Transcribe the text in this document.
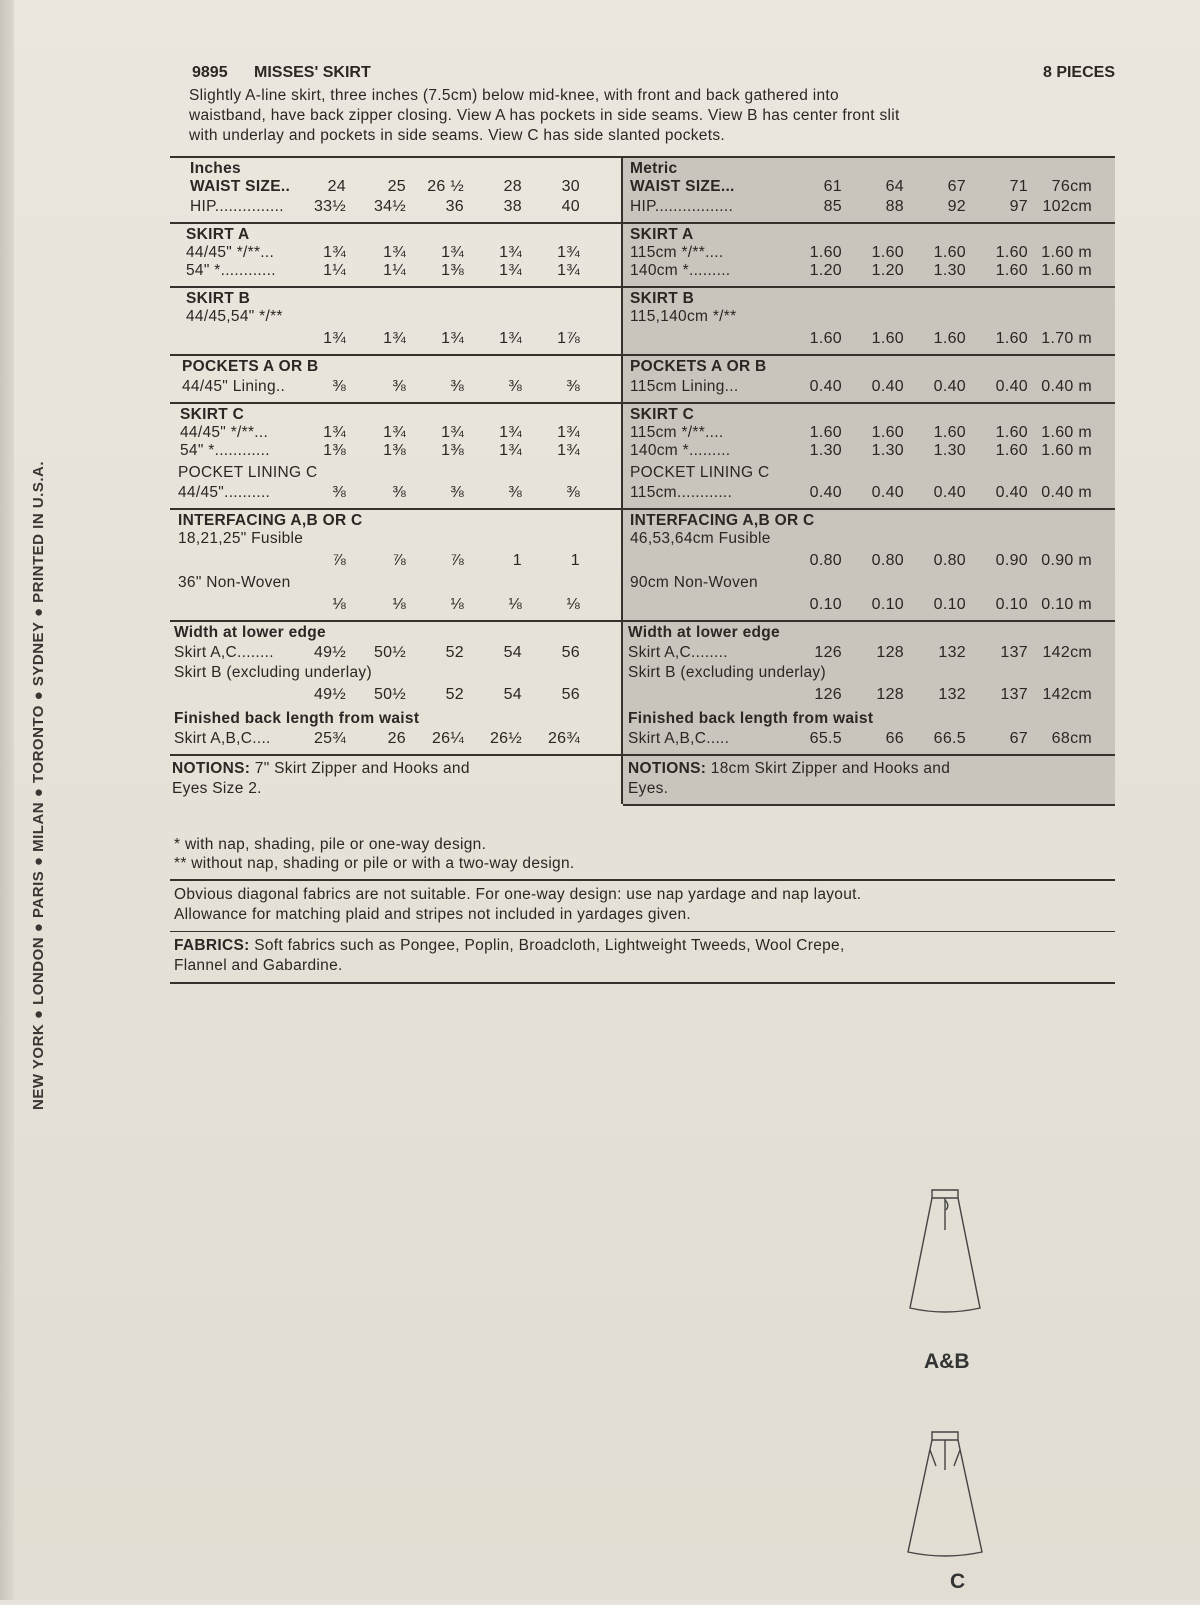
NEW YORK ● LONDON ● PARIS ● MILAN ● TORONTO ● SYDNEY ● PRINTED IN U.S.A.
9895 MISSES' SKIRT	8 PIECES

Slightly A-line skirt, three inches (7.5cm) below mid-knee, with front and back gathered into
waistband, have back zipper closing. View A has pockets in side seams. View B has center front slit
with underlay and pockets in side seams. View C has side slanted pockets.

Inches
WAIST SIZE..	24	25	26 ½	28	30
HIP...............	33½	34½	36	38	40
Metric
WAIST SIZE...	61	64	67	71	76cm
HIP.................	85	88	92	97 102cm
SKIRT A
44/45" */**...	1¾	1¾	1¾	1¾	1¾
54" *............	1¼	1¼	1⅜	1¾	1¾
SKIRT A
115cm */**....	1.60	1.60	1.60	1.60 1.60 m
140cm *.........	1.20	1.20	1.30	1.60 1.60 m
SKIRT B
44/45,54" */**
1¾	1¾	1¾	1¾	1⅞
SKIRT B
115,140cm */**
1.60	1.60	1.60	1.60 1.70 m
POCKETS A OR B
44/45" Lining..	⅜	⅜	⅜	⅜	⅜
POCKETS A OR B
115cm Lining...	0.40	0.40	0.40	0.40 0.40 m
SKIRT C
44/45" */**...	1¾	1¾	1¾	1¾	1¾
54" *............	1⅜	1⅜	1⅜	1¾	1¾
POCKET LINING C
44/45"..........	⅜	⅜	⅜	⅜	⅜
SKIRT C
115cm */**....	1.60	1.60	1.60	1.60 1.60 m
140cm *.........	1.30	1.30	1.30	1.60 1.60 m
POCKET LINING C
115cm............	0.40	0.40	0.40	0.40 0.40 m
INTERFACING A,B OR C
18,21,25" Fusible
⅞	⅞	⅞	1	1
36" Non-Woven
⅛	⅛	⅛	⅛	⅛
INTERFACING A,B OR C
46,53,64cm Fusible
0.80	0.80	0.80	0.90 0.90 m
90cm Non-Woven
0.10	0.10	0.10	0.10 0.10 m
Width at lower edge
Skirt A,C........	49½	50½	52	54	56
Skirt B (excluding underlay)
49½	50½	52	54	56
Width at lower edge
Skirt A,C........	126	128	132	137 142cm
Skirt B (excluding underlay)
126	128	132	137 142cm
Finished back length from waist
Skirt A,B,C....	25¾	26	26¼	26½	26¾
Finished back length from waist
Skirt A,B,C.....	65.5	66	66.5	67	68cm
NOTIONS: 7" Skirt Zipper and Hooks and
Eyes Size 2.
NOTIONS: 18cm Skirt Zipper and Hooks and
Eyes.
* with nap, shading, pile or one-way design.
** without nap, shading or pile or with a two-way design.
Obvious diagonal fabrics are not suitable. For one-way design: use nap yardage and nap layout.
Allowance for matching plaid and stripes not included in yardages given.
FABRICS: Soft fabrics such as Pongee, Poplin, Broadcloth, Lightweight Tweeds, Wool Crepe,
Flannel and Gabardine.
A&B
C
